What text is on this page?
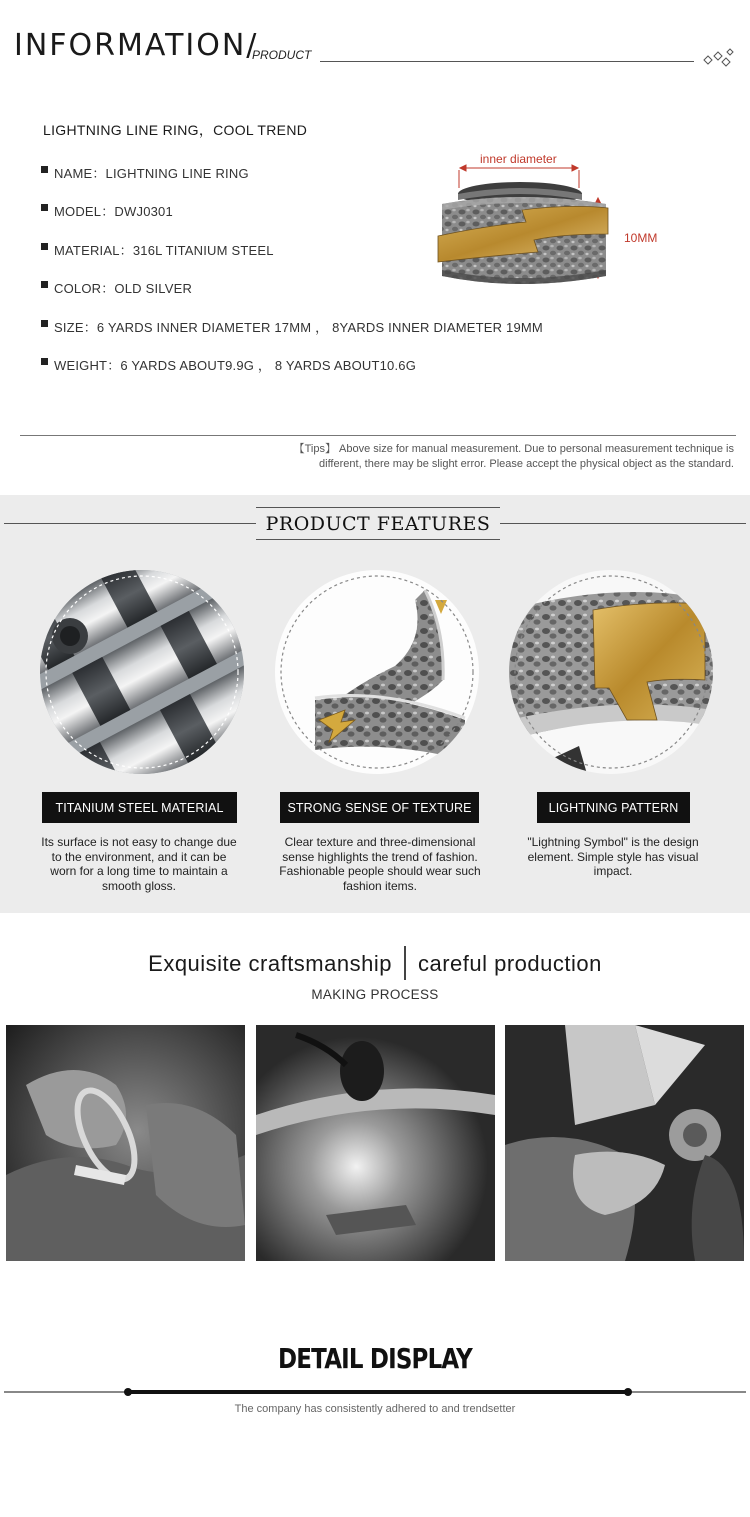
INFORMATION/
PRODUCT
LIGHTNING LINE RING，COOL TREND
NAME：LIGHTNING LINE RING
MODEL：DWJ0301
MATERIAL：316L TITANIUM STEEL
COLOR：OLD SILVER
SIZE：6 YARDS INNER DIAMETER 17MM ， 8YARDS INNER DIAMETER 19MM
WEIGHT：6 YARDS ABOUT9.9G ， 8 YARDS ABOUT10.6G
inner diameter
10MM
【Tips】 Above size for manual measurement. Due to personal measurement technique is
different, there may be slight error. Please accept the physical object as the standard.
PRODUCT FEATURES
TITANIUM STEEL MATERIAL	STRONG SENSE OF TEXTURE	LIGHTNING PATTERN
Its surface is not easy to change due to the environment, and it can be worn for a long time to maintain a smooth gloss.
Clear texture and three-dimensional sense highlights the trend of fashion. Fashionable people should wear such fashion items.
"Lightning Symbol" is the design element. Simple style has visual impact.
Exquisite craftsmanship careful production
MAKING PROCESS
DETAIL DISPLAY
The company has consistently adhered to and trendsetter
